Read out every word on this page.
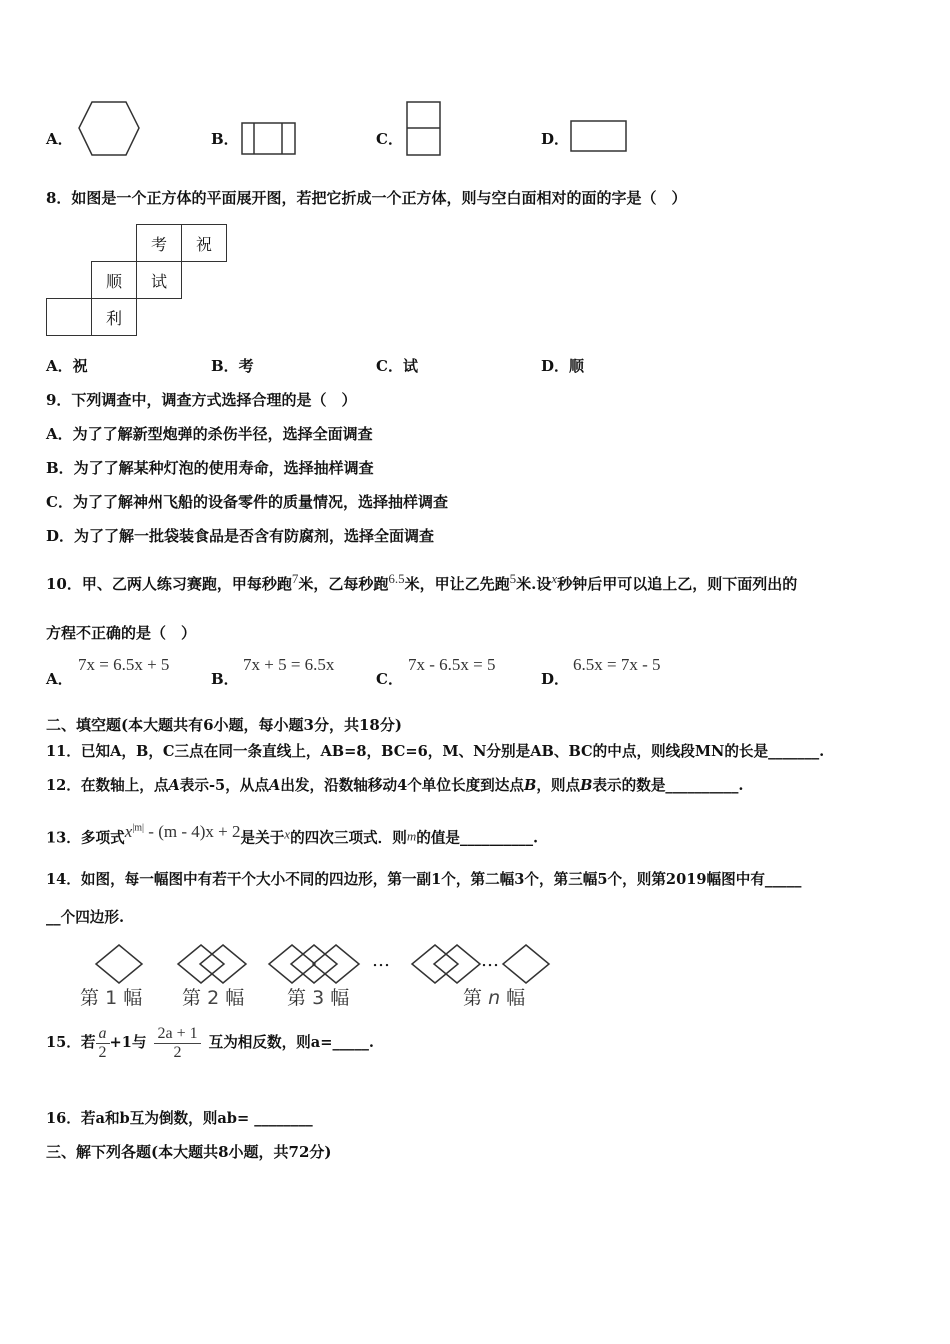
A．	B．	C．	D．
8．如图是一个正方体的平面展开图，若把它折成一个正方体，则与空白面相对的面的字是（　）
		考	祝
	顺	试	
	利		
A．祝	B．考	C．试	D．顺
9．下列调查中，调查方式选择合理的是（　）
A．为了了解新型炮弹的杀伤半径，选择全面调查
B．为了了解某种灯泡的使用寿命，选择抽样调查
C．为了了解神州飞船的设备零件的质量情况，选择抽样调查
D．为了了解一批袋装食品是否含有防腐剂，选择全面调查
10．甲、乙两人练习赛跑，甲每秒跑$^7$米，乙每秒跑$^{6.5}$米，甲让乙先跑$^5$米.设$^x$秒钟后甲可以追上乙，则下面列出的
方程不正确的是（　）
A．
7x = 6.5x + 5
B．
7x + 5 = 6.5x
C．
7x - 6.5x = 5
D．
6.5x = 7x - 5
二、填空题(本大题共有6小题，每小题3分，共18分)
11．已知A，B，C三点在同一条直线上，AB=8，BC=6，M、N分别是AB、BC的中点，则线段MN的长是_______.
12．在数轴上，点A表示-5，从点A出发，沿数轴移动4个单位长度到达点B，则点B表示的数是__________.
13．多项式$x^{|m|} - (m - 4)x + 2$是关于x的四次三项式．则m的值是__________.
14．如图，每一幅图中有若干个大小不同的四边形，第一副1个，第二幅3个，第三幅5个，则第2019幅图中有_____
__个四边形.
…	…
第 1 幅 第 2 幅 第 3 幅	第 n 幅
15．若 $\frac{a}{2} +1$与 $\frac{2a + 1}{2}$ 互为相反数，则a=_____.
16．若a和b互为倒数，则ab= ________
三、解下列各题(本大题共8小题，共72分)
